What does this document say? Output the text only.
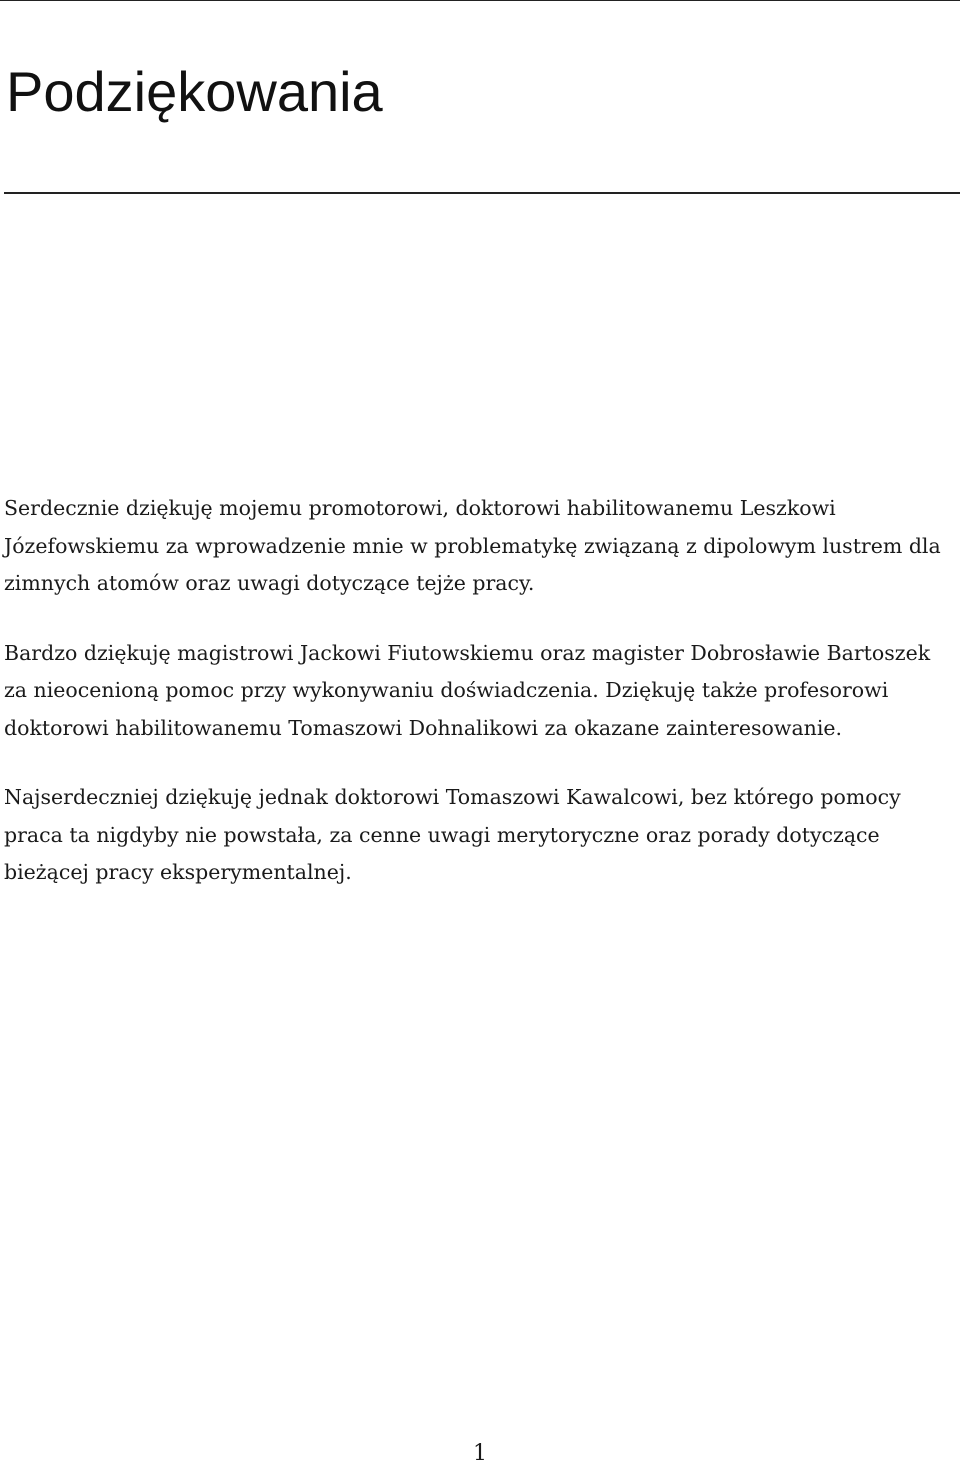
Podziękowania

Serdecznie dziękuję mojemu promotorowi, doktorowi habilitowanemu Leszkowi Józefowskiemu za wprowadzenie mnie w problematykę związaną z dipolowym lustrem dla zimnych atomów oraz uwagi dotyczące tejże pracy.

Bardzo dziękuję magistrowi Jackowi Fiutowskiemu oraz magister Dobrosławie Bartoszek za nieocenioną pomoc przy wykonywaniu doświadczenia. Dziękuję także profesorowi doktorowi habilitowanemu Tomaszowi Dohnalikowi za okazane zainteresowanie.

Najserdeczniej dziękuję jednak doktorowi Tomaszowi Kawalcowi, bez którego pomocy praca ta nigdyby nie powstała, za cenne uwagi merytoryczne oraz porady dotyczące bieżącej pracy eksperymentalnej.

1
